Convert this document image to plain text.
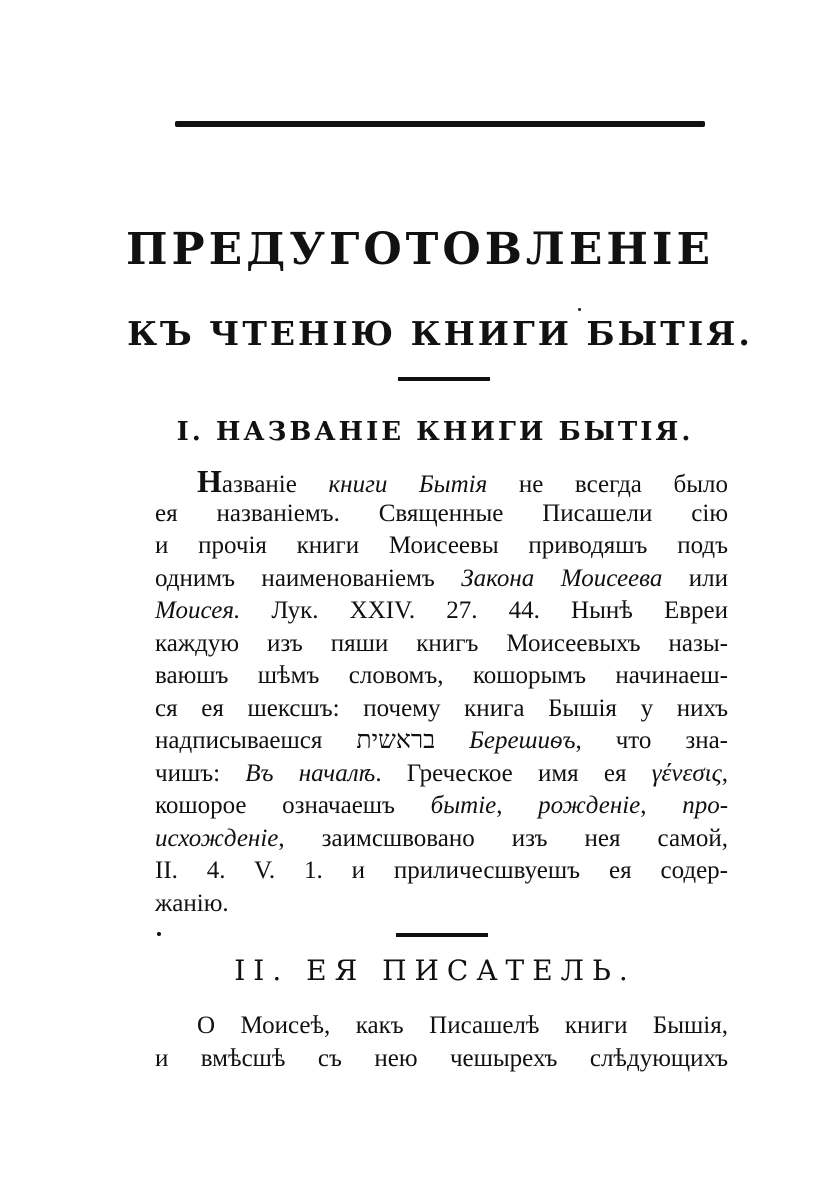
ПРЕДУГОТОВЛЕНІЕ
КЪ ЧТЕНІЮ КНИГИ БЫТІЯ.
I. НАЗВАНІЕ КНИГИ БЫТІЯ.
Названіе книги Бытія не всегда было
ея названіемъ. Священные Писашели сію
и прочія книги Моисеевы приводяшъ подъ
однимъ наименованіемъ Закона Моисеева или
Моисея. Лук. XXIV. 27. 44. Нынѣ Евреи
каждую изъ пяши книгъ Моисеевыхъ назы-
ваюшъ шѣмъ словомъ, кошорымъ начинаеш-
ся ея шексшъ: почему книга Бышія у нихъ
надписываешся בראשית Берешиѳъ, что зна-
чишъ: Въ началѣ. Греческое имя ея γένεσις,
кошорое означаешъ бытіе, рожденіе, про-
исхожденіе, заимсшвовано изъ нея самой,
II. 4. V. 1. и приличесшвуешъ ея содер-
жанію.
II. ЕЯ ПИСАТЕЛЬ.
О Моисеѣ, какъ Писашелѣ книги Бышія,
и вмѣсшѣ съ нею чешырехъ слѣдующихъ
